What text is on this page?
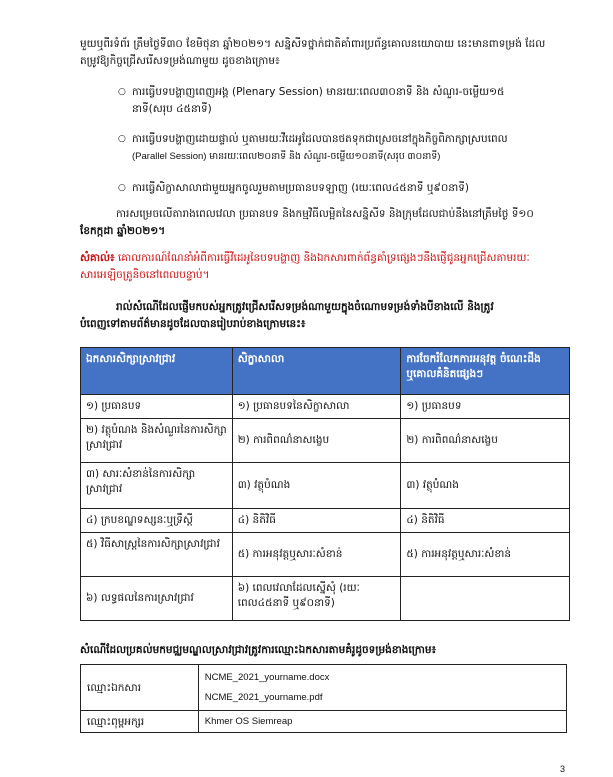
មួយឬពីរទំព័រ ត្រឹមថ្ងៃទី៣០ ខែមិថុនា ឆ្នាំ២០២១។ សន្និសីទថ្នាក់ជាតិគាំពារប្រព័ន្ធគោលនយោបាយ នេះមានពាទម្រង់ ដែល
តម្រូវឱ្យកិច្ចជ្រើសរើសទម្រង់ណាមួយ ដូចខាងក្រោម៖

○ ការធ្វើបទបង្ហាញពេញអង្គ (Plenary Session) មានរយៈពេល៣០នាទី និង សំណួរ-ចម្លើយ១៥
នាទី(សរុប ៤៥នាទី)
○ ការធ្វើបទបង្ហាញដោយផ្ទាល់ ឬតាមរយៈវីដេអូដែលបានថតទុកជាស្រេចនៅក្នុងកិច្ចពិភាក្សាស្របពេល
(Parallel Session) មានរយៈពេល២០នាទី និង សំណួរ-ចម្លើយ១០នាទី(សរុប ៣០នាទី)
○ ការធ្វើសិក្ខាសាលាជាមួយអ្នកចូលរួមតាមប្រធានបទឡាញ (រយៈពេល៤៥នាទី ឬ៩០នាទី)

ការសម្រេចលើតារាងពេលវេលា ប្រធានបទ និងកម្មវិធីលម្អិតនៃសន្និសីទ និងក្រុមដែលជាប់នឹងនៅត្រឹមថ្ងៃ ទី១០
ខែកក្កដា ឆ្នាំ២០២១។

សំគាល់៖ គោលការណ៍ណែនាំអំពីការធ្វើវីដេអូនៃបទបង្ហាញ និងឯកសារពាក់ព័ន្ធគាំទ្រផ្សេងៗនឹងផ្ញើជូនអ្នកជ្រើសតាមរយៈ
សារអេឡិចត្រូនិចនៅពេលបន្ទាប់។

រាល់សំណើដែលផ្ញើមកបស់អ្នកត្រូវជ្រើសរើសទម្រង់ណាមួយក្នុងចំណោមទម្រង់ទាំងបីខាងលើ និងត្រូវ
បំពេញទៅតាមព័ត៌មានដូចដែលបានរៀបរាប់ខាងក្រោមនេះ៖

ឯកសារសិក្សាស្រាវជ្រាវ	សិក្ខាសាលា	ការចែករំលែកការអនុវត្ត ចំណេះដឹង ឬគោលគំនិតផ្សេងៗ
១) ប្រធានបទ	១) ប្រធានបទនៃសិក្ខាសាលា	១) ប្រធានបទ
២) វត្ថុបំណង និងសំណួរនៃការសិក្សាស្រាវជ្រាវ	២) ការពិពណ៌នាសង្ខេប	២) ការពិពណ៌នាសង្ខេប
៣) សារៈសំខាន់នៃការសិក្សាស្រាវជ្រាវ	៣) វត្ថុបំណង	៣) វត្ថុបំណង
៤) ក្របខណ្ឌទស្សនៈឬទ្រឹស្តី	៤) និតិវិធី	៤) និតិវិធី
៥) វិធីសាស្ត្រនៃការសិក្សាស្រាវជ្រាវ	៥) ការអនុវត្តឬសារៈសំខាន់	៥) ការអនុវត្តឬសារៈសំខាន់
៦) លទ្ធផលនៃការស្រាវជ្រាវ	៦) ពេលវេលាដែលស្នើសុំ (រយៈពេល៤៥នាទី ឬ៩០នាទី)	

សំណើដែលប្រគល់មកមជ្ឈមណ្ឌលស្រាវជ្រាវត្រូវការឈ្មោះឯកសារតាមគំរូដូចទម្រង់ខាងក្រោម៖

ឈ្មោះឯកសារ	NCME_2021_yourname.docx
NCME_2021_yourname.pdf

ឈ្មោះពុម្ពអក្សរ	Khmer OS Siemreap
3
